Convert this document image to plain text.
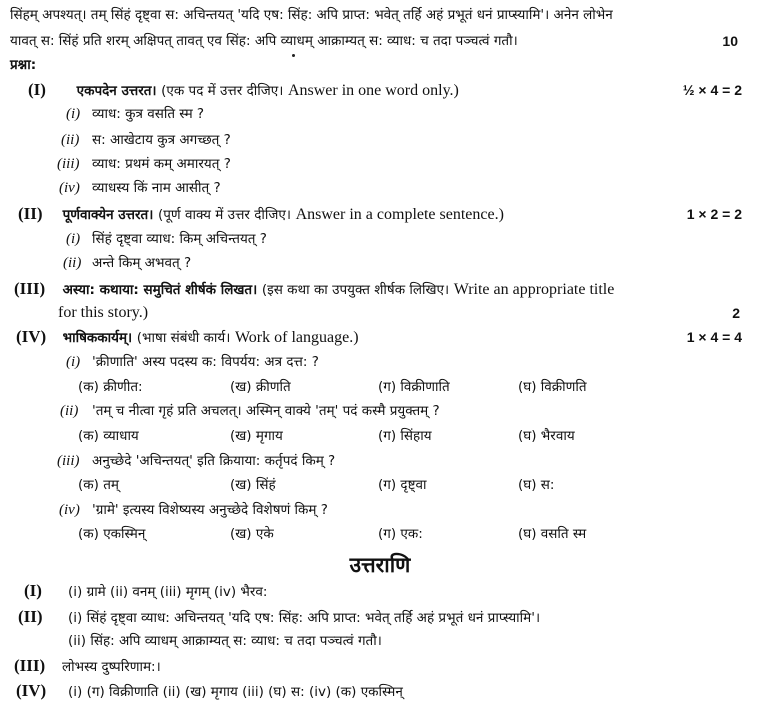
सिंहम् अपश्यत्। तम् सिंहं दृष्ट्वा स: अचिन्तयत् 'यदि एष: सिंह: अपि प्राप्त: भवेत् तर्हि अहं प्रभूतं धनं प्राप्स्यामि'। अनेन लोभेन
यावत् स: सिंहं प्रति शरम् अक्षिपत् तावत् एव सिंह: अपि व्याधम् आक्राम्यत् स: व्याध: च तदा पञ्चत्वं गतौ।	10
प्रश्ना:
(I) एकपदेन उत्तरत। (एक पद में उत्तर दीजिए। Answer in one word only.)	½ × 4 = 2
(i) व्याध: कुत्र वसति स्म ?
(ii) स: आखेटाय कुत्र अगच्छत् ?
(iii) व्याध: प्रथमं कम् अमारयत् ?
(iv) व्याधस्य किं नाम आसीत् ?
(II) पूर्णवाक्येन उत्तरत। (पूर्ण वाक्य में उत्तर दीजिए। Answer in a complete sentence.)	1 × 2 = 2
(i) सिंहं दृष्ट्वा व्याध: किम् अचिन्तयत् ?
(ii) अन्ते किम् अभवत् ?
(III) अस्या: कथाया: समुचितं शीर्षकं लिखत। (इस कथा का उपयुक्त शीर्षक लिखिए। Write an appropriate title
for this story.)	2
(IV) भाषिककार्यम्। (भाषा संबंधी कार्य। Work of language.)	1 × 4 = 4
(i) 'क्रीणाति' अस्य पदस्य क: विपर्यय: अत्र दत्त: ?
(क) क्रीणीत:	(ख) क्रीणति	(ग) विक्रीणाति	(घ) विक्रीणति
(ii) 'तम् च नीत्वा गृहं प्रति अचलत्। अस्मिन् वाक्ये 'तम्' पदं कस्मै प्रयुक्तम् ?
(क) व्याधाय	(ख) मृगाय	(ग) सिंहाय	(घ) भैरवाय
(iii) अनुच्छेदे 'अचिन्तयत्' इति क्रियाया: कर्तृपदं किम् ?
(क) तम्	(ख) सिंहं	(ग) दृष्ट्वा	(घ) स:
(iv) 'ग्रामे' इत्यस्य विशेष्यस्य अनुच्छेदे विशेषणं किम् ?
(क) एकस्मिन्	(ख) एके	(ग) एक:	(घ) वसति स्म
उत्तराणि
(I) (i) ग्रामे (ii) वनम् (iii) मृगम् (iv) भैरव:
(II) (i) सिंहं दृष्ट्वा व्याध: अचिन्तयत् 'यदि एष: सिंह: अपि प्राप्त: भवेत् तर्हि अहं प्रभूतं धनं प्राप्स्यामि'।
(ii) सिंह: अपि व्याधम् आक्राम्यत् स: व्याध: च तदा पञ्चत्वं गतौ।
(III) लोभस्य दुष्परिणाम:।
(IV) (i) (ग) विक्रीणाति (ii) (ख) मृगाय (iii) (घ) स: (iv) (क) एकस्मिन्
